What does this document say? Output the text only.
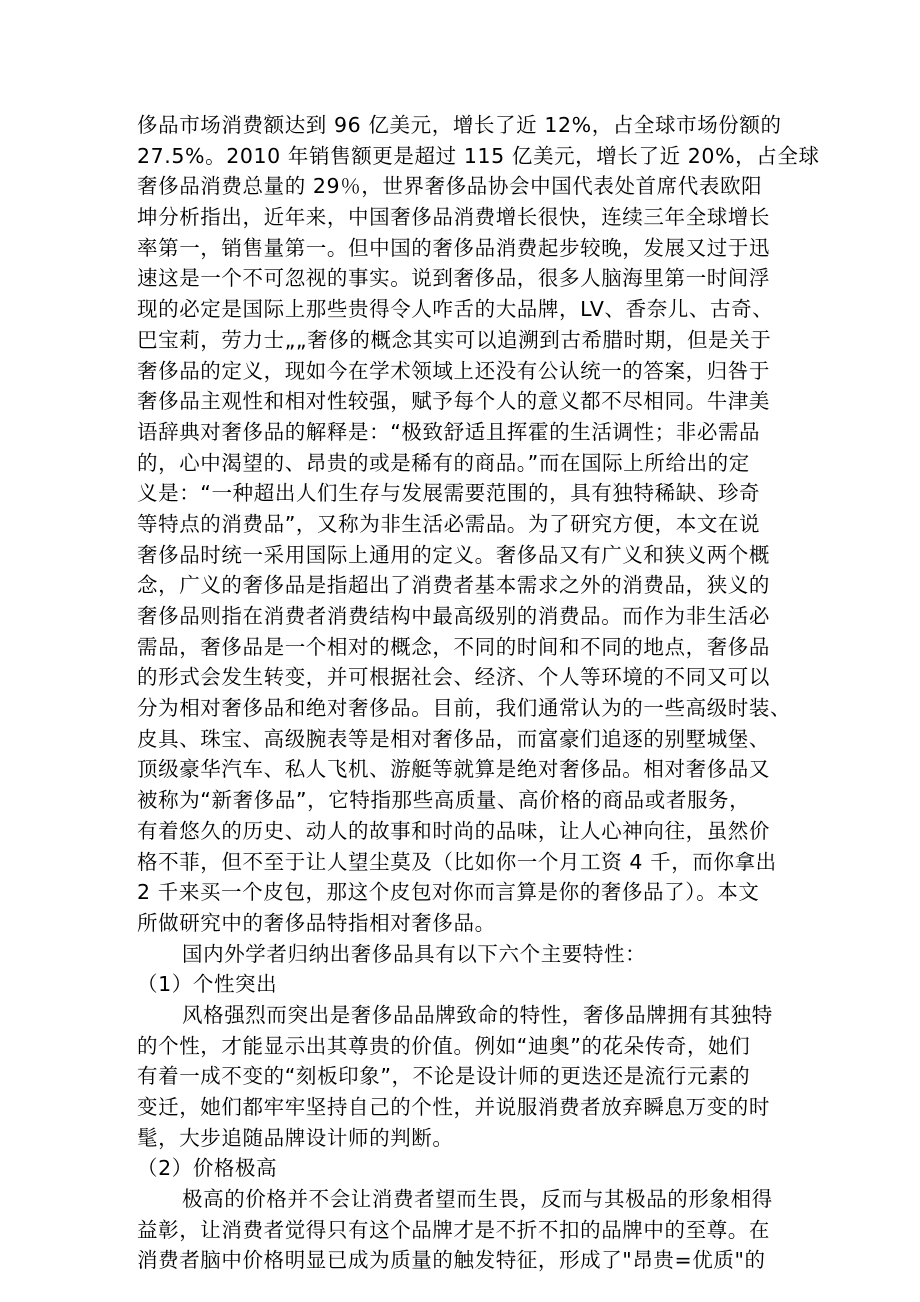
侈品市场消费额达到 96 亿美元，增长了近 12%，占全球市场份额的
27.5%。2010 年销售额更是超过 115 亿美元，增长了近 20%，占全球
奢侈品消费总量的 29％，世界奢侈品协会中国代表处首席代表欧阳
坤分析指出，近年来，中国奢侈品消费增长很快，连续三年全球增长
率第一，销售量第一。但中国的奢侈品消费起步较晚，发展又过于迅
速这是一个不可忽视的事实。说到奢侈品，很多人脑海里第一时间浮
现的必定是国际上那些贵得令人咋舌的大品牌，LV、香奈儿、古奇、
巴宝莉，劳力士„„奢侈的概念其实可以追溯到古希腊时期，但是关于
奢侈品的定义，现如今在学术领域上还没有公认统一的答案，归咎于
奢侈品主观性和相对性较强，赋予每个人的意义都不尽相同。牛津美
语辞典对奢侈品的解释是：“极致舒适且挥霍的生活调性；非必需品
的，心中渴望的、昂贵的或是稀有的商品。”而在国际上所给出的定
义是：“一种超出人们生存与发展需要范围的，具有独特稀缺、珍奇
等特点的消费品”，又称为非生活必需品。为了研究方便，本文在说
奢侈品时统一采用国际上通用的定义。奢侈品又有广义和狭义两个概
念，广义的奢侈品是指超出了消费者基本需求之外的消费品，狭义的
奢侈品则指在消费者消费结构中最高级别的消费品。而作为非生活必
需品，奢侈品是一个相对的概念，不同的时间和不同的地点，奢侈品
的形式会发生转变，并可根据社会、经济、个人等环境的不同又可以
分为相对奢侈品和绝对奢侈品。目前，我们通常认为的一些高级时装、
皮具、珠宝、高级腕表等是相对奢侈品，而富豪们追逐的别墅城堡、
顶级豪华汽车、私人飞机、游艇等就算是绝对奢侈品。相对奢侈品又
被称为“新奢侈品”，它特指那些高质量、高价格的商品或者服务，
有着悠久的历史、动人的故事和时尚的品味，让人心神向往，虽然价
格不菲，但不至于让人望尘莫及（比如你一个月工资 4 千，而你拿出
2 千来买一个皮包，那这个皮包对你而言算是你的奢侈品了）。本文
所做研究中的奢侈品特指相对奢侈品。
国内外学者归纳出奢侈品具有以下六个主要特性：
（1）个性突出
风格强烈而突出是奢侈品品牌致命的特性，奢侈品牌拥有其独特
的个性，才能显示出其尊贵的价值。例如“迪奥”的花朵传奇，她们
有着一成不变的“刻板印象”，不论是设计师的更迭还是流行元素的
变迁，她们都牢牢坚持自己的个性，并说服消费者放弃瞬息万变的时
髦，大步追随品牌设计师的判断。
（2）价格极高
极高的价格并不会让消费者望而生畏，反而与其极品的形象相得
益彰，让消费者觉得只有这个品牌才是不折不扣的品牌中的至尊。在
消费者脑中价格明显已成为质量的触发特征，形成了"昂贵=优质"的
